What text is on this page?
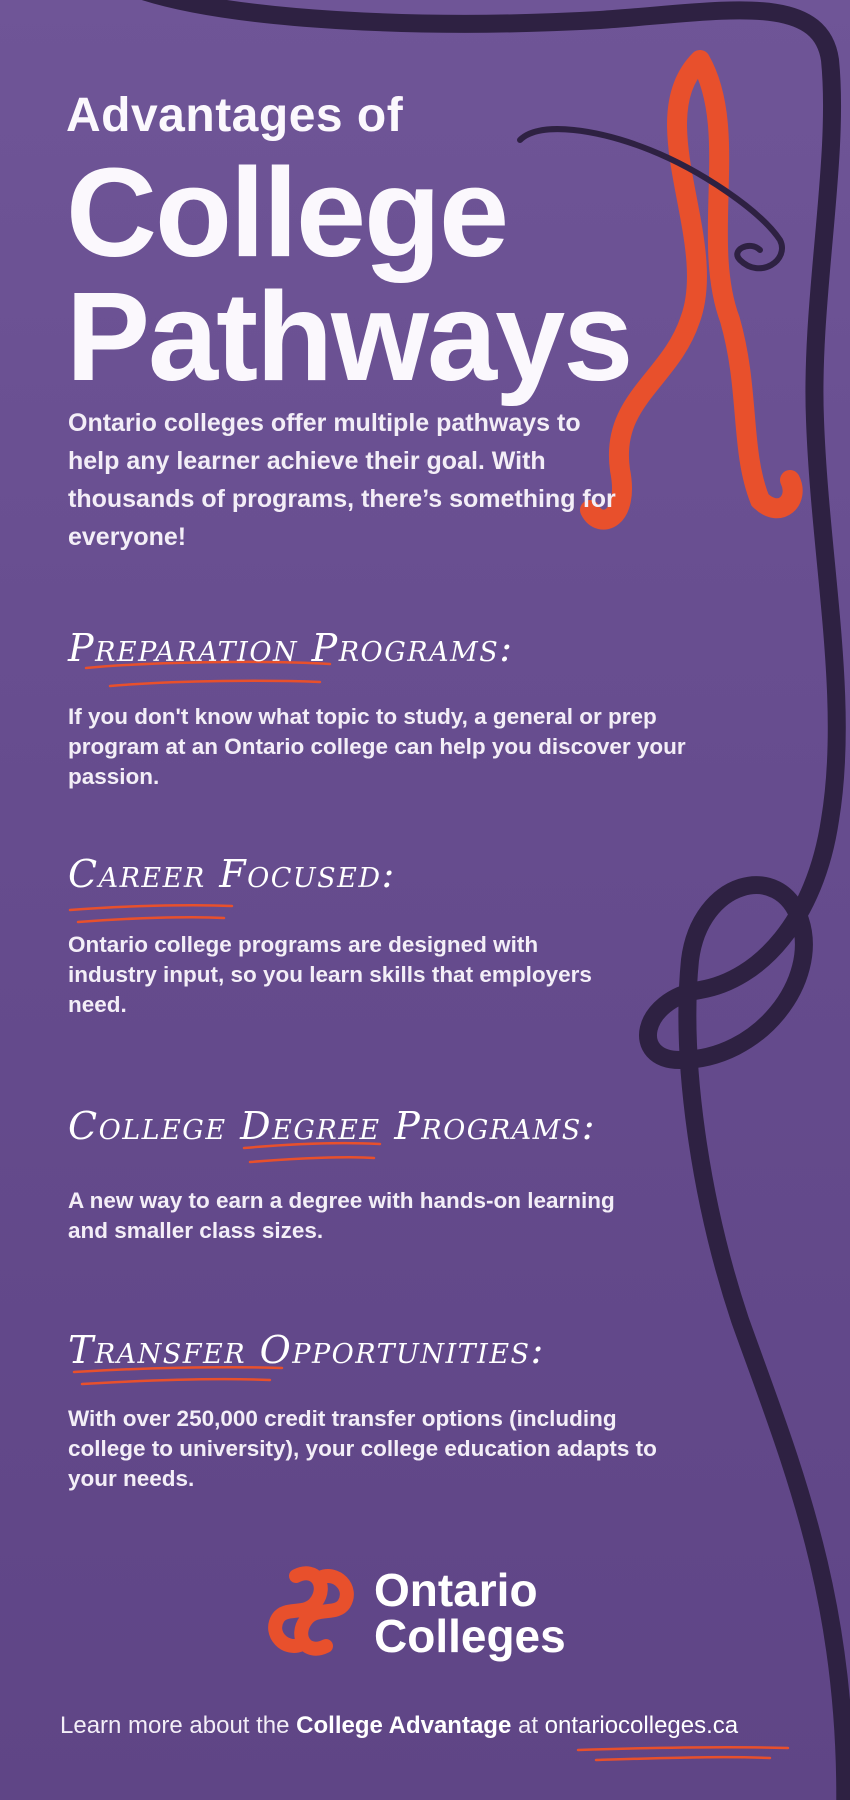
Advantages of
College
Pathways

Ontario colleges offer multiple pathways to help any learner achieve their goal. With thousands of programs, there’s something for everyone!

Preparation Programs:

If you don't know what topic to study, a general or prep program at an Ontario college can help you discover your passion.

Career Focused:

Ontario college programs are designed with industry input, so you learn skills that employers need.

College Degree Programs:

A new way to earn a degree with hands-on learning and smaller class sizes.

Transfer Opportunities:

With over 250,000 credit transfer options (including college to university), your college education adapts to your needs.

Ontario
Colleges

Learn more about the College Advantage at ontariocolleges.ca
